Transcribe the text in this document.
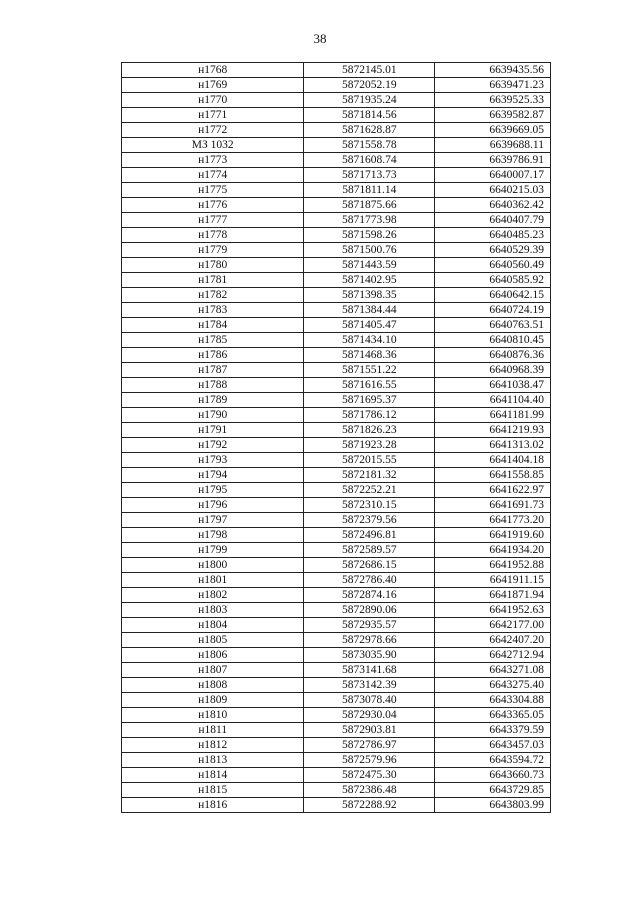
38
н1768	5872145.01	6639435.56
н1769	5872052.19	6639471.23
н1770	5871935.24	6639525.33
н1771	5871814.56	6639582.87
н1772	5871628.87	6639669.05
МЗ 1032	5871558.78	6639688.11
н1773	5871608.74	6639786.91
н1774	5871713.73	6640007.17
н1775	5871811.14	6640215.03
н1776	5871875.66	6640362.42
н1777	5871773.98	6640407.79
н1778	5871598.26	6640485.23
н1779	5871500.76	6640529.39
н1780	5871443.59	6640560.49
н1781	5871402.95	6640585.92
н1782	5871398.35	6640642.15
н1783	5871384.44	6640724.19
н1784	5871405.47	6640763.51
н1785	5871434.10	6640810.45
н1786	5871468.36	6640876.36
н1787	5871551.22	6640968.39
н1788	5871616.55	6641038.47
н1789	5871695.37	6641104.40
н1790	5871786.12	6641181.99
н1791	5871826.23	6641219.93
н1792	5871923.28	6641313.02
н1793	5872015.55	6641404.18
н1794	5872181.32	6641558.85
н1795	5872252.21	6641622.97
н1796	5872310.15	6641691.73
н1797	5872379.56	6641773.20
н1798	5872496.81	6641919.60
н1799	5872589.57	6641934.20
н1800	5872686.15	6641952.88
н1801	5872786.40	6641911.15
н1802	5872874.16	6641871.94
н1803	5872890.06	6641952.63
н1804	5872935.57	6642177.00
н1805	5872978.66	6642407.20
н1806	5873035.90	6642712.94
н1807	5873141.68	6643271.08
н1808	5873142.39	6643275.40
н1809	5873078.40	6643304.88
н1810	5872930.04	6643365.05
н1811	5872903.81	6643379.59
н1812	5872786.97	6643457.03
н1813	5872579.96	6643594.72
н1814	5872475.30	6643660.73
н1815	5872386.48	6643729.85
н1816	5872288.92	6643803.99
